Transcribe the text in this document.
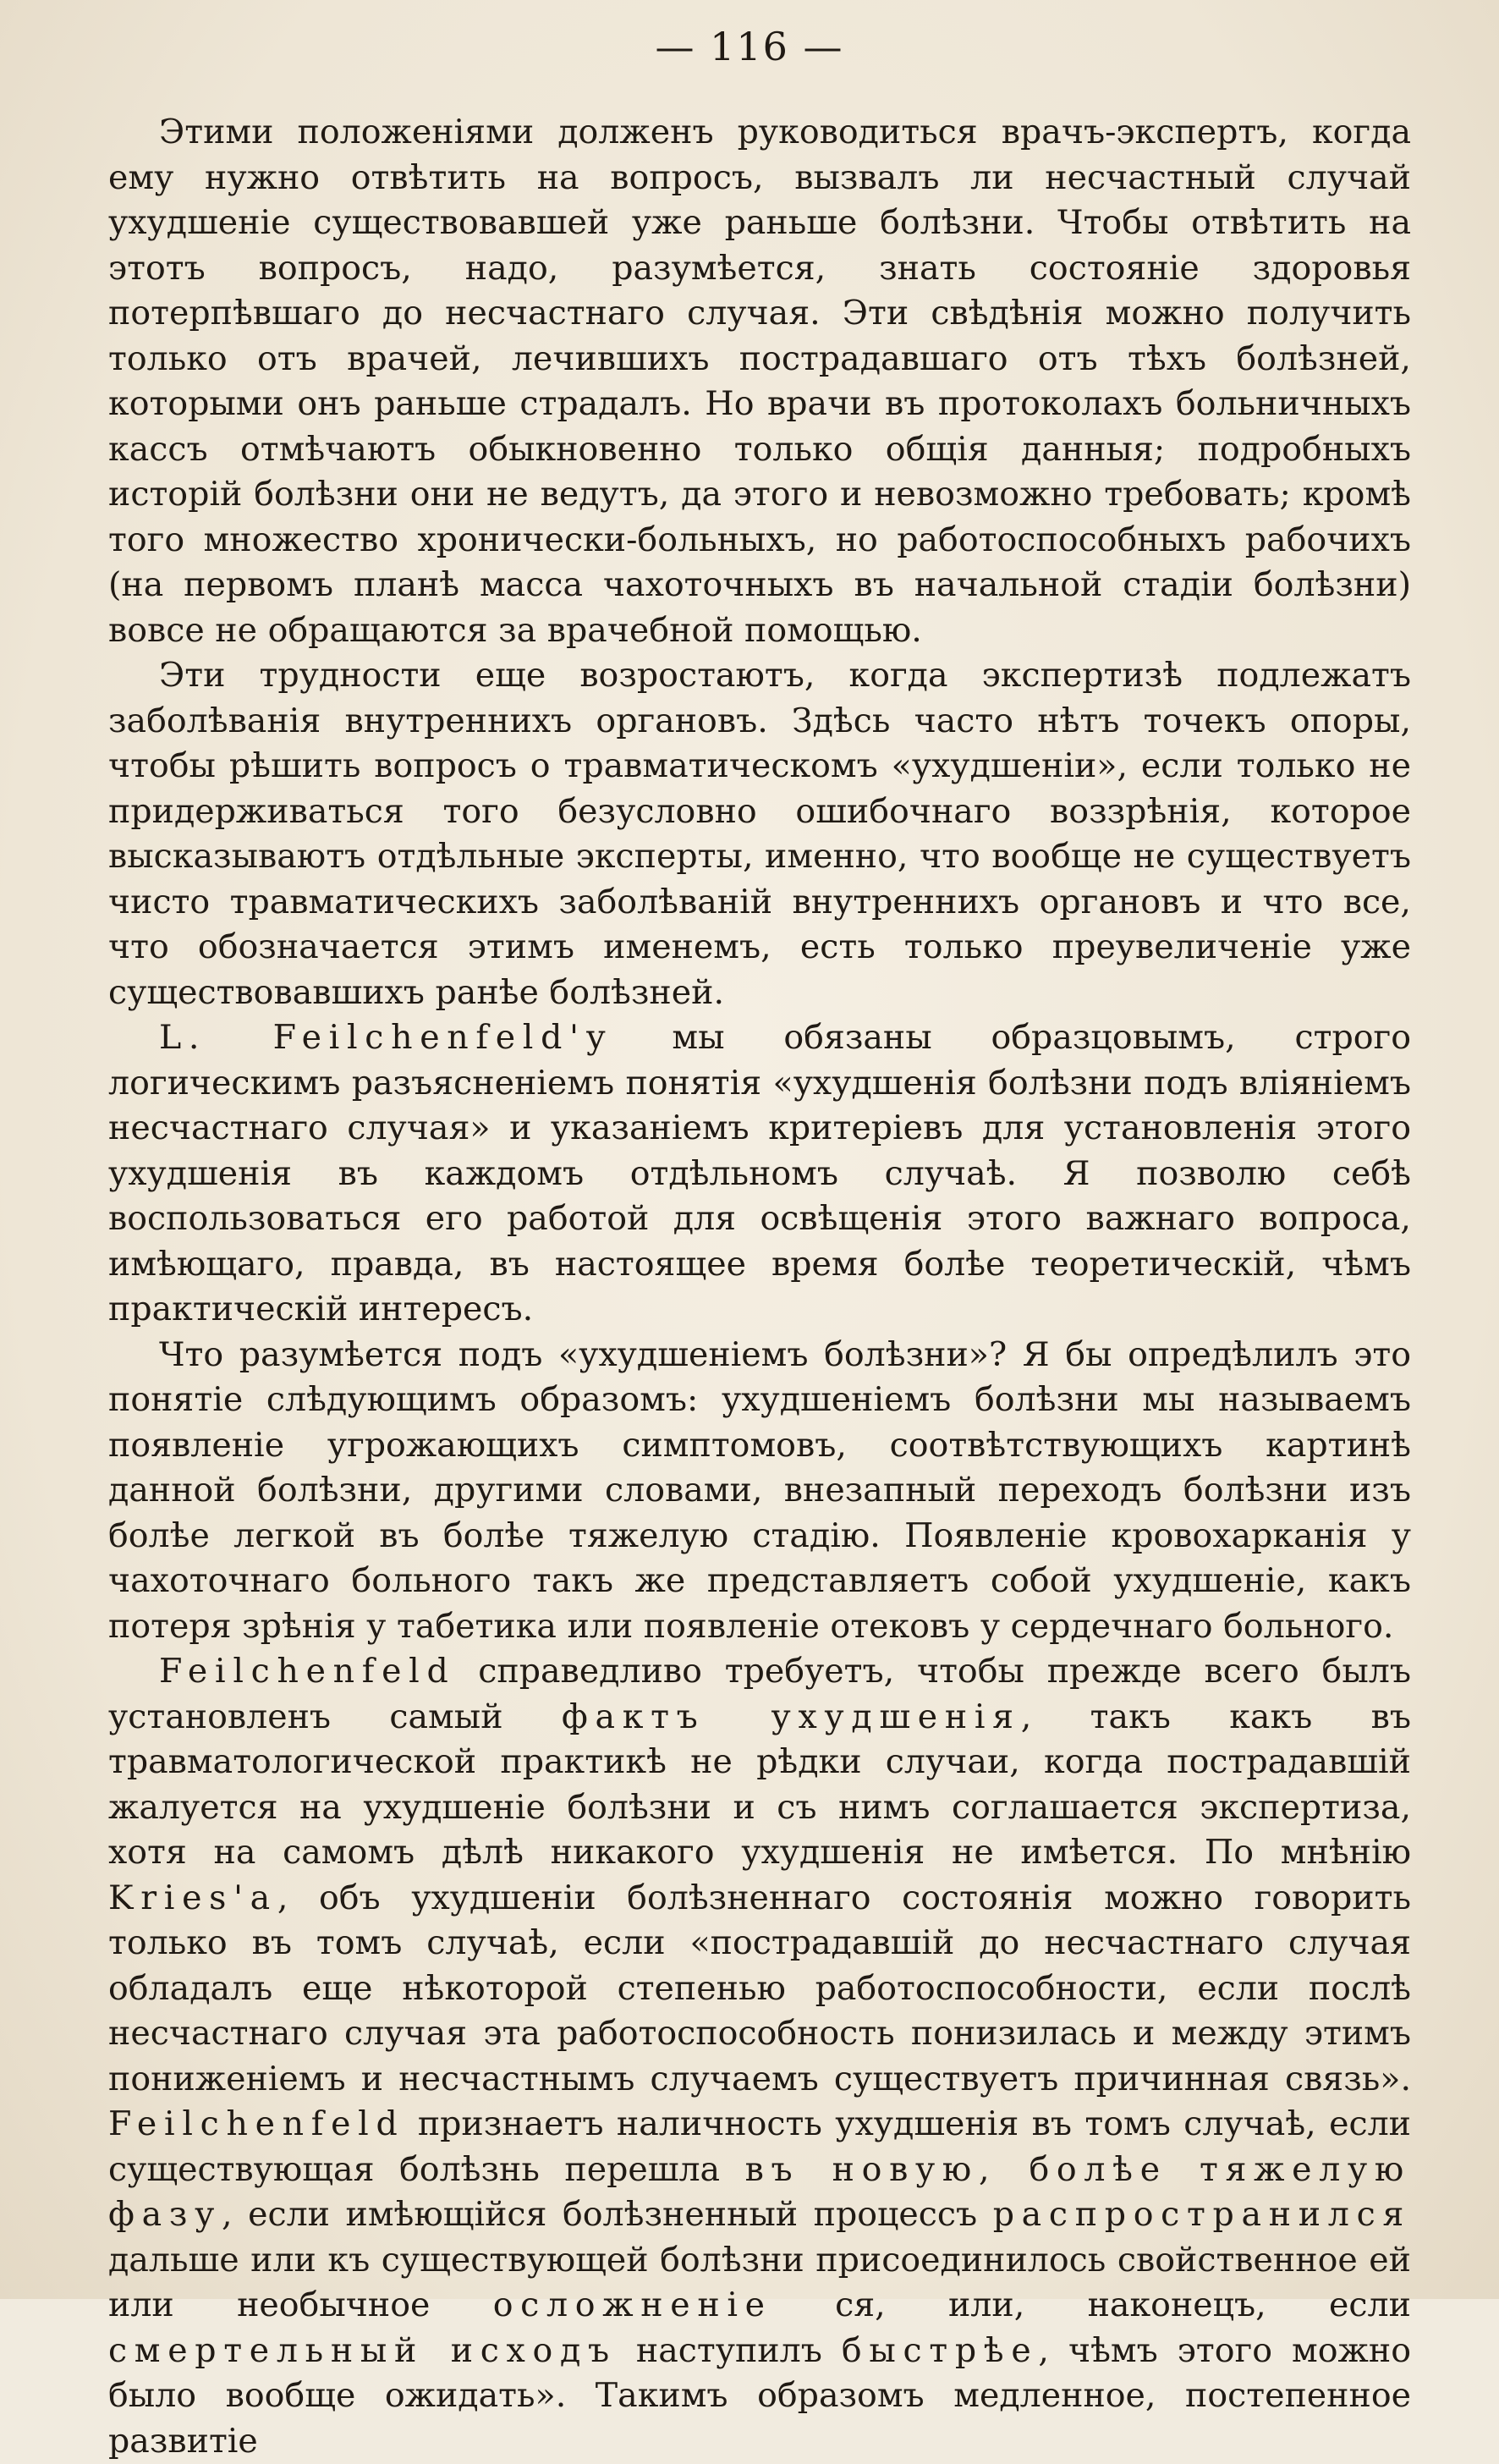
— 116 —

Этими положеніями долженъ руководиться врачъ-экспертъ, когда ему нужно отвѣтить на вопросъ, вызвалъ ли несчастный случай ухудшеніе существовавшей уже раньше болѣзни. Чтобы отвѣтить на этотъ вопросъ, надо, разумѣется, знать состояніе здоровья потерпѣвшаго до несчастнаго случая. Эти свѣдѣнія можно получить только отъ врачей, лечившихъ пострадавшаго отъ тѣхъ болѣзней, которыми онъ раньше страдалъ. Но врачи въ протоколахъ больничныхъ кассъ отмѣчаютъ обыкновенно только общія данныя; подробныхъ исторій болѣзни они не ведутъ, да этого и невозможно требовать; кромѣ того множество хронически-больныхъ, но работоспособныхъ рабочихъ (на первомъ планѣ масса чахоточныхъ въ начальной стадіи болѣзни) вовсе не обращаются за врачебной помощью.

Эти трудности еще возростаютъ, когда экспертизѣ подлежатъ заболѣванія внутреннихъ органовъ. Здѣсь часто нѣтъ точекъ опоры, чтобы рѣшить вопросъ о травматическомъ «ухудшеніи», если только не придерживаться того безусловно ошибочнаго воззрѣнія, которое высказываютъ отдѣльные эксперты, именно, что вообще не существуетъ чисто травматическихъ заболѣваній внутреннихъ органовъ и что все, что обозначается этимъ именемъ, есть только преувеличеніе уже существовавшихъ ранѣе болѣзней.

L. Feilchenfeld'у мы обязаны образцовымъ, строго логическимъ разъясненіемъ понятія «ухудшенія болѣзни подъ вліяніемъ несчастнаго случая» и указаніемъ критеріевъ для установленія этого ухудшенія въ каждомъ отдѣльномъ случаѣ. Я позволю себѣ воспользоваться его работой для освѣщенія этого важнаго вопроса, имѣющаго, правда, въ настоящее время болѣе теоретическій, чѣмъ практическій интересъ.

Что разумѣется подъ «ухудшеніемъ болѣзни»? Я бы опредѣлилъ это понятіе слѣдующимъ образомъ: ухудшеніемъ болѣзни мы называемъ появленіе угрожающихъ симптомовъ, соотвѣтствующихъ картинѣ данной болѣзни, другими словами, внезапный переходъ болѣзни изъ болѣе легкой въ болѣе тяжелую стадію. Появленіе кровохарканія у чахоточнаго больного такъ же представляетъ собой ухудшеніе, какъ потеря зрѣнія у табетика или появленіе отековъ у сердечнаго больного.

Feilchenfeld справедливо требуетъ, чтобы прежде всего былъ установленъ самый фактъ ухудшенія, такъ какъ въ травматологической практикѣ не рѣдки случаи, когда пострадавшій жалуется на ухудшеніе болѣзни и съ нимъ соглашается экспертиза, хотя на самомъ дѣлѣ никакого ухудшенія не имѣется. По мнѣнію Kries'a, объ ухудшеніи болѣзненнаго состоянія можно говорить только въ томъ случаѣ, если «пострадавшій до несчастнаго случая обладалъ еще нѣкоторой степенью работоспособности, если послѣ несчастнаго случая эта работоспособность понизилась и между этимъ пониженіемъ и несчастнымъ случаемъ существуетъ причинная связь». Feilchenfeld признаетъ наличность ухудшенія въ томъ случаѣ, если существующая болѣзнь перешла въ новую, болѣе тяжелую фазу, если имѣющійся болѣзненный процессъ распространился дальше или къ существующей болѣзни присоединилось свойственное ей или необычное осложненіе ся, или, наконецъ, если смертельный исходъ наступилъ быстрѣе, чѣмъ этого можно было вообще ожидать». Такимъ образомъ медленное, постепенное развитіе
